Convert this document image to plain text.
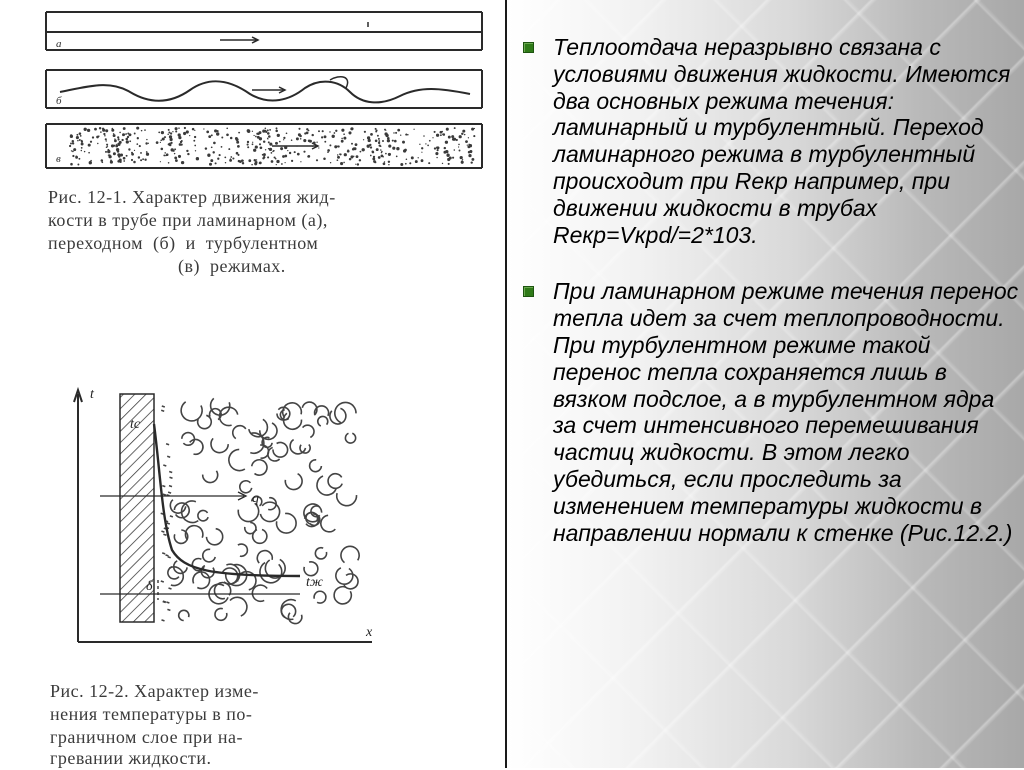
а
б
в
Рис. 12-1. Характер движения жид-
кости в трубе при ламинарном (а),
переходном  (б)  и  турбулентном
(в)  режимах.
t
x
tc
q
δ	tж
Рис. 12-2. Характер изме-
нения температуры в по-
граничном слое при на-
гревании жидкости.
Теплоотдача неразрывно связана с условиями движения жидкости. Имеются два основных режима течения: ламинарный и турбулентный. Переход ламинарного режима в турбулентный происходит при Reкр например, при движении жидкости в трубах Reкр=Vкрd/=2*103.
При ламинарном режиме течения перенос тепла идет за счет теплопроводности. При турбулентном режиме такой перенос тепла сохраняется лишь в вязком подслое, а в турбулентном ядра за счет интенсивного перемешивания частиц жидкости. В этом легко убедиться, если проследить за изменением температуры жидкости в направлении нормали к стенке (Рис.12.2.)
